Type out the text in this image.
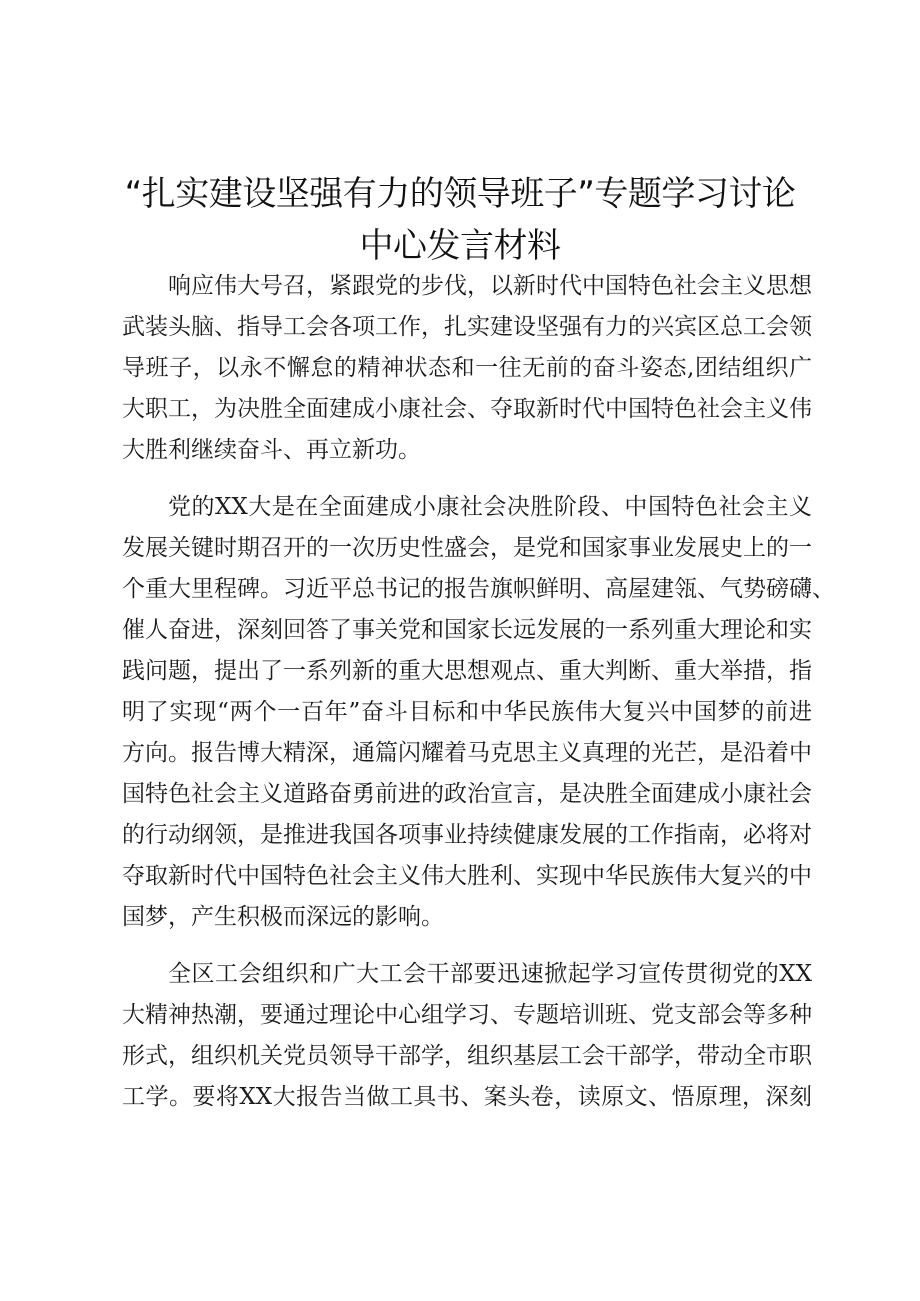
“扎实建设坚强有力的领导班子”专题学习讨论
中心发言材料
响应伟大号召，紧跟党的步伐，以新时代中国特色社会主义思想
武装头脑、指导工会各项工作，扎实建设坚强有力的兴宾区总工会领
导班子，以永不懈怠的精神状态和一往无前的奋斗姿态,团结组织广
大职工，为决胜全面建成小康社会、夺取新时代中国特色社会主义伟
大胜利继续奋斗、再立新功。
党的XX大是在全面建成小康社会决胜阶段、中国特色社会主义
发展关键时期召开的一次历史性盛会，是党和国家事业发展史上的一
个重大里程碑。习近平总书记的报告旗帜鲜明、高屋建瓴、气势磅礴、
催人奋进，深刻回答了事关党和国家长远发展的一系列重大理论和实
践问题，提出了一系列新的重大思想观点、重大判断、重大举措，指
明了实现“两个一百年”奋斗目标和中华民族伟大复兴中国梦的前进
方向。报告博大精深，通篇闪耀着马克思主义真理的光芒，是沿着中
国特色社会主义道路奋勇前进的政治宣言，是决胜全面建成小康社会
的行动纲领，是推进我国各项事业持续健康发展的工作指南，必将对
夺取新时代中国特色社会主义伟大胜利、实现中华民族伟大复兴的中
国梦，产生积极而深远的影响。
全区工会组织和广大工会干部要迅速掀起学习宣传贯彻党的XX
大精神热潮，要通过理论中心组学习、专题培训班、党支部会等多种
形式，组织机关党员领导干部学，组织基层工会干部学，带动全市职
工学。要将XX大报告当做工具书、案头卷，读原文、悟原理，深刻
